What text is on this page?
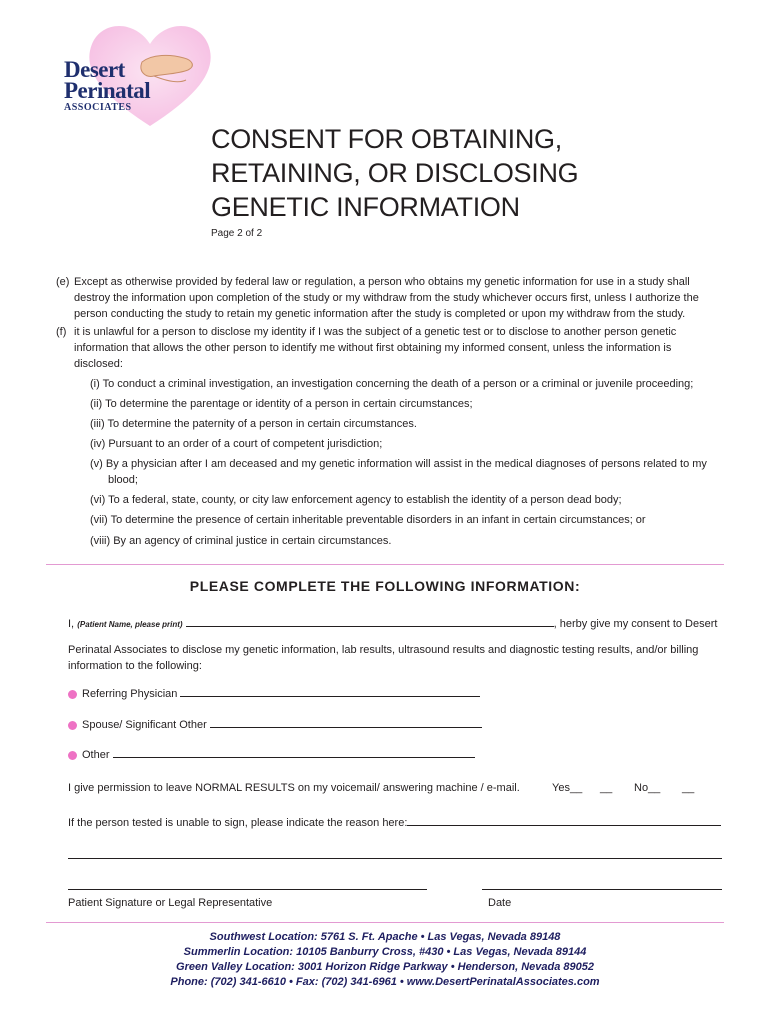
Desert
Perinatal
ASSOCIATES
CONSENT FOR OBTAINING,
RETAINING, OR DISCLOSING
GENETIC INFORMATION
Page 2 of 2
(e) Except as otherwise provided by federal law or regulation, a person who obtains my genetic information for use in a study shall
destroy the information upon completion of the study or my withdraw from the study whichever occurs first, unless I authorize the
person conducting the study to retain my genetic information after the study is completed or upon my withdraw from the study.
(f) it is unlawful for a person to disclose my identity if I was the subject of a genetic test or to disclose to another person genetic
information that allows the other person to identify me without first obtaining my informed consent, unless the information is
disclosed:
(i) To conduct a criminal investigation, an investigation concerning the death of a person or a criminal or juvenile proceeding;
(ii) To determine the parentage or identity of a person in certain circumstances;
(iii) To determine the paternity of a person in certain circumstances.
(iv) Pursuant to an order of a court of competent jurisdiction;
(v) By a physician after I am deceased and my genetic information will assist in the medical diagnoses of persons related to my
blood;
(vi) To a federal, state, county, or city law enforcement agency to establish the identity of a person dead body;
(vii) To determine the presence of certain inheritable preventable disorders in an infant in certain circumstances; or
(viii) By an agency of criminal justice in certain circumstances.
PLEASE COMPLETE THE FOLLOWING INFORMATION:
I, (Patient Name, please print)	, herby give my consent to Desert
Perinatal Associates to disclose my genetic information, lab results, ultrasound results and diagnostic testing results, and/or billing
information to the following:
Referring Physician
Spouse/ Significant Other
Other
I give permission to leave NORMAL RESULTS on my voicemail/ answering machine / e-mail.	Yes__ __ No__ __
If the person tested is unable to sign, please indicate the reason here:
Patient Signature or Legal Representative	Date
Southwest Location: 5761 S. Ft. Apache • Las Vegas, Nevada 89148
Summerlin Location: 10105 Banburry Cross, #430 • Las Vegas, Nevada 89144
Green Valley Location: 3001 Horizon Ridge Parkway • Henderson, Nevada 89052
Phone: (702) 341-6610 • Fax: (702) 341-6961 • www.DesertPerinatalAssociates.com
